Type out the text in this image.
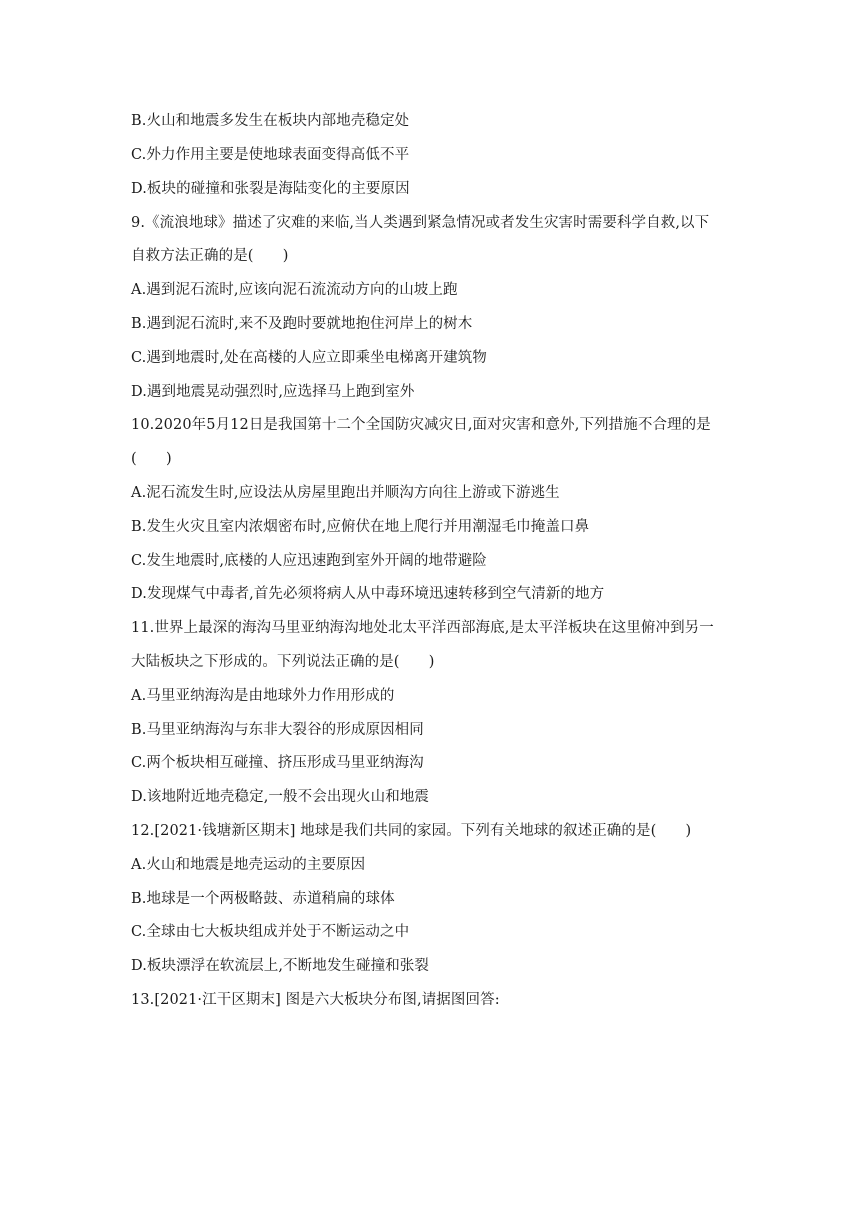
B.火山和地震多发生在板块内部地壳稳定处
C.外力作用主要是使地球表面变得高低不平
D.板块的碰撞和张裂是海陆变化的主要原因
9.《流浪地球》描述了灾难的来临,当人类遇到紧急情况或者发生灾害时需要科学自救,以下
自救方法正确的是(　　)
A.遇到泥石流时,应该向泥石流流动方向的山坡上跑
B.遇到泥石流时,来不及跑时要就地抱住河岸上的树木
C.遇到地震时,处在高楼的人应立即乘坐电梯离开建筑物
D.遇到地震晃动强烈时,应选择马上跑到室外
10.2020年5月12日是我国第十二个全国防灾减灾日,面对灾害和意外,下列措施不合理的是
(　　)
A.泥石流发生时,应设法从房屋里跑出并顺沟方向往上游或下游逃生
B.发生火灾且室内浓烟密布时,应俯伏在地上爬行并用潮湿毛巾掩盖口鼻
C.发生地震时,底楼的人应迅速跑到室外开阔的地带避险
D.发现煤气中毒者,首先必须将病人从中毒环境迅速转移到空气清新的地方
11.世界上最深的海沟马里亚纳海沟地处北太平洋西部海底,是太平洋板块在这里俯冲到另一
大陆板块之下形成的。下列说法正确的是(　　)
A.马里亚纳海沟是由地球外力作用形成的
B.马里亚纳海沟与东非大裂谷的形成原因相同
C.两个板块相互碰撞、挤压形成马里亚纳海沟
D.该地附近地壳稳定,一般不会出现火山和地震
12.[2021·钱塘新区期末] 地球是我们共同的家园。下列有关地球的叙述正确的是(　　)
A.火山和地震是地壳运动的主要原因
B.地球是一个两极略鼓、赤道稍扁的球体
C.全球由七大板块组成并处于不断运动之中
D.板块漂浮在软流层上,不断地发生碰撞和张裂
13.[2021·江干区期末] 图是六大板块分布图,请据图回答:
